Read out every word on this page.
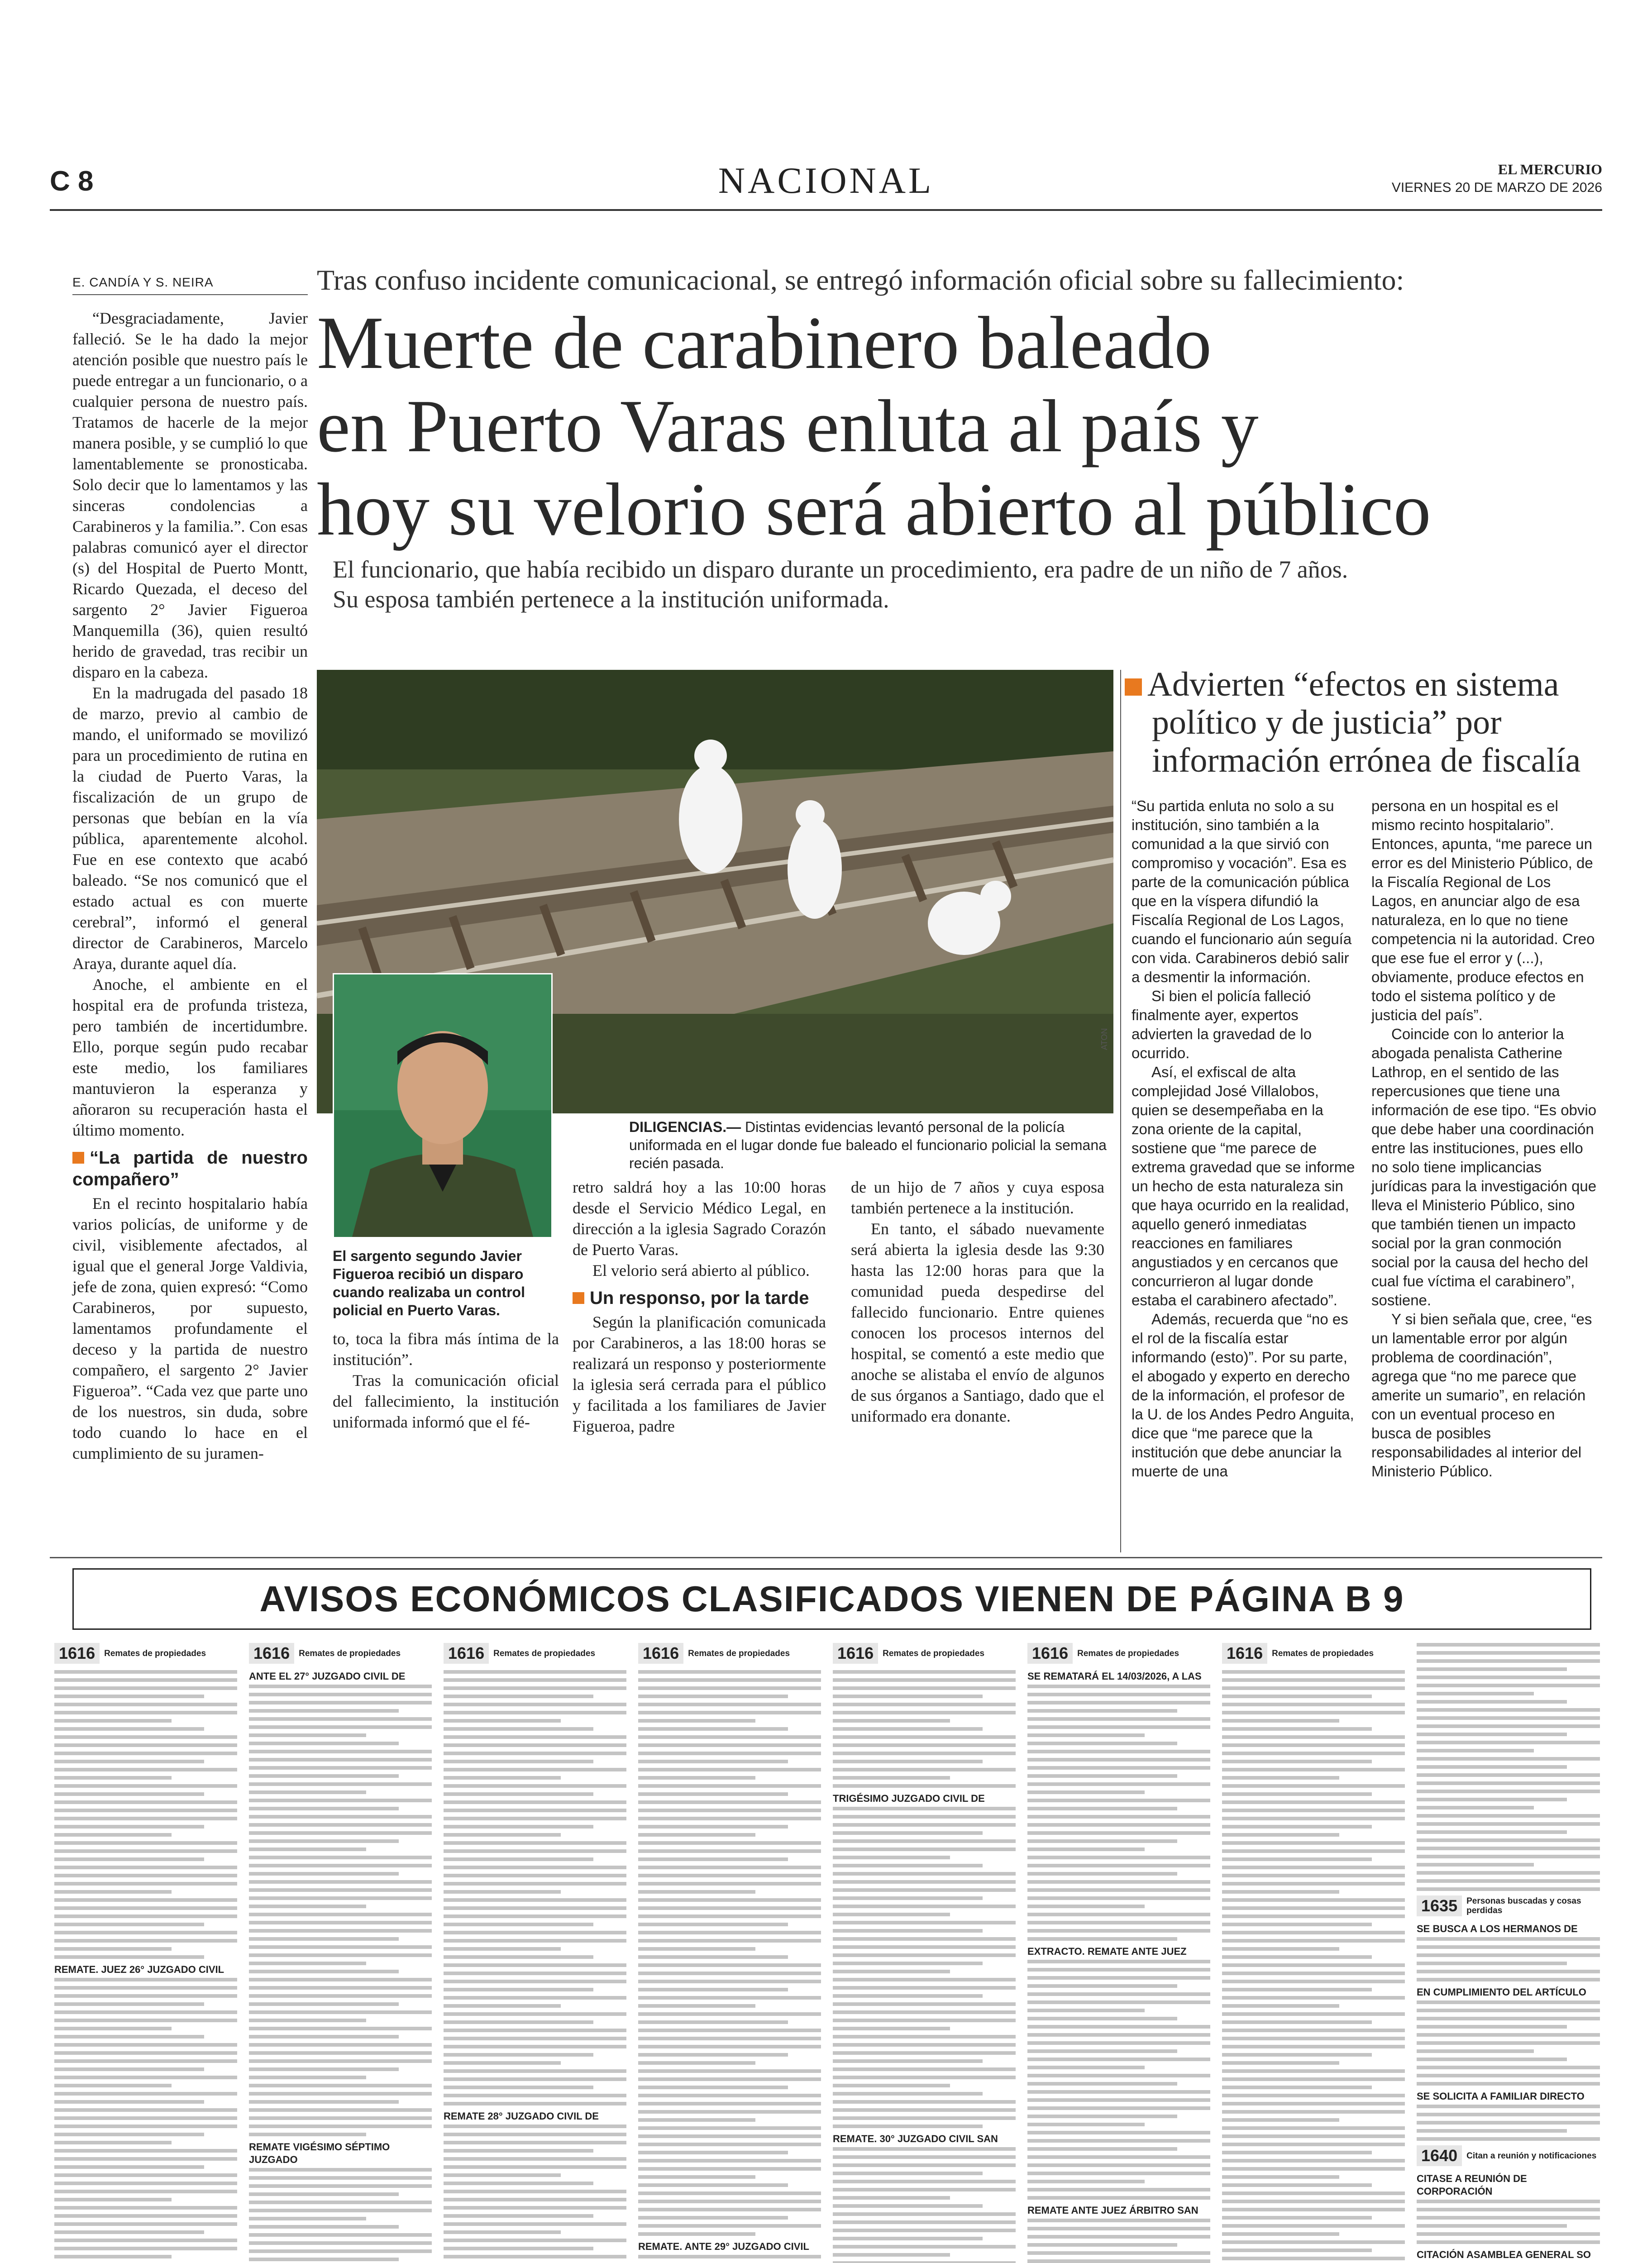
C 8	NACIONAL	EL MERCURIO
VIERNES 20 DE MARZO DE 2026
E. CANDÍA Y S. NEIRA	Tras confuso incidente comunicacional, se entregó información oficial sobre su fallecimiento:
Muerte de carabinero baleado
en Puerto Varas enluta al país y
hoy su velorio será abierto al público
El funcionario, que había recibido un disparo durante un procedimiento, era padre de un niño de 7 años.
Su esposa también pertenece a la institución uniformada.

“Desgraciadamente, Javier falleció. Se le ha dado la mejor atención posible que nuestro país le puede entregar a un funcionario, o a cualquier persona de nuestro país. Tratamos de hacerle de la mejor manera posible, y se cumplió lo que lamentablemente se pronosticaba. Solo decir que lo lamentamos y las sinceras condolencias a Carabineros y la familia.”. Con esas palabras comunicó ayer el director (s) del Hospital de Puerto Montt, Ricardo Quezada, el deceso del sargento 2° Javier Figueroa Manquemilla (36), quien resultó herido de gravedad, tras recibir un disparo en la cabeza.

En la madrugada del pasado 18 de marzo, previo al cambio de mando, el uniformado se movilizó para un procedimiento de rutina en la ciudad de Puerto Varas, la fiscalización de un grupo de personas que bebían en la vía pública, aparentemente alcohol. Fue en ese contexto que acabó baleado. “Se nos comunicó que el estado actual es con muerte cerebral”, informó el general director de Carabineros, Marcelo Araya, durante aquel día.

Anoche, el ambiente en el hospital era de profunda tristeza, pero también de incertidumbre. Ello, porque según pudo recabar este medio, los familiares mantuvieron la esperanza y añoraron su recuperación hasta el último momento.

“La partida de nuestro compañero”

En el recinto hospitalario había varios policías, de uniforme y de civil, visiblemente afectados, al igual que el general Jorge Valdivia, jefe de zona, quien expresó: “Como Carabineros, por supuesto, lamentamos profundamente el deceso y la partida de nuestro compañero, el sargento 2° Javier Figueroa”. “Cada vez que parte uno de los nuestros, sin duda, sobre todo cuando lo hace en el cumplimiento de su juramen-

ATON
DILIGENCIAS.— Distintas evidencias levantó personal de la policía uniformada en el lugar donde fue baleado el funcionario policial la semana recién pasada.
El sargento segundo Javier Figueroa recibió un disparo cuando realizaba un control policial en Puerto Varas.

to, toca la fibra más íntima de la institución”.

Tras la comunicación oficial del fallecimiento, la institución uniformada informó que el fé-

retro saldrá hoy a las 10:00 horas desde el Servicio Médico Legal, en dirección a la iglesia Sagrado Corazón de Puerto Varas.

El velorio será abierto al público.

Un responso, por la tarde

Según la planificación comunicada por Carabineros, a las 18:00 horas se realizará un responso y posteriormente la iglesia será cerrada para el público y facilitada a los familiares de Javier Figueroa, padre

de un hijo de 7 años y cuya esposa también pertenece a la institución.

En tanto, el sábado nuevamente será abierta la iglesia desde las 9:30 hasta las 12:00 horas para que la comunidad pueda despedirse del fallecido funcionario. Entre quienes conocen los procesos internos del hospital, se comentó a este medio que anoche se alistaba el envío de algunos de sus órganos a Santiago, dado que el uniformado era donante.

Advierten “efectos en sistema político y de justicia” por información errónea de fiscalía

“Su partida enluta no solo a su institución, sino también a la comunidad a la que sirvió con compromiso y vocación”. Esa es parte de la comunicación pública que en la víspera difundió la Fiscalía Regional de Los Lagos, cuando el funcionario aún seguía con vida. Carabineros debió salir a desmentir la información.

Si bien el policía falleció finalmente ayer, expertos advierten la gravedad de lo ocurrido.

Así, el exfiscal de alta complejidad José Villalobos, quien se desempeñaba en la zona oriente de la capital, sostiene que “me parece de extrema gravedad que se informe un hecho de esta naturaleza sin que haya ocurrido en la realidad, aquello generó inmediatas reacciones en familiares angustiados y en cercanos que concurrieron al lugar donde estaba el carabinero afectado”.

Además, recuerda que “no es el rol de la fiscalía estar informando (esto)”. Por su parte, el abogado y experto en derecho de la información, el profesor de la U. de los Andes Pedro Anguita, dice que “me parece que la institución que debe anunciar la muerte de una

persona en un hospital es el mismo recinto hospitalario”. Entonces, apunta, “me parece un error es del Ministerio Público, de la Fiscalía Regional de Los Lagos, en anunciar algo de esa naturaleza, en lo que no tiene competencia ni la autoridad. Creo que ese fue el error y (...), obviamente, produce efectos en todo el sistema político y de justicia del país”.

Coincide con lo anterior la abogada penalista Catherine Lathrop, en el sentido de las repercusiones que tiene una información de ese tipo. “Es obvio que debe haber una coordinación entre las instituciones, pues ello no solo tiene implicancias jurídicas para la investigación que lleva el Ministerio Público, sino que también tienen un impacto social por la gran conmoción social por la causa del hecho del cual fue víctima el carabinero”, sostiene.

Y si bien señala que, cree, “es un lamentable error por algún problema de coordinación”, agrega que “no me parece que amerite un sumario”, en relación con un eventual proceso en busca de posibles responsabilidades al interior del Ministerio Público.

AVISOS ECONÓMICOS CLASIFICADOS VIENEN DE PÁGINA B 9
1616	Remates de propiedades
REMATE. JUEZ 26° JUZGADO CIVIL
1616	Remates de propiedades
ANTE EL 27° JUZGADO CIVIL DE
REMATE VIGÉSIMO SÉPTIMO JUZGADO
1616	Remates de propiedades
REMATE 28° JUZGADO CIVIL DE
1616	Remates de propiedades
REMATE. ANTE 29° JUZGADO CIVIL
1616	Remates de propiedades
TRIGÉSIMO JUZGADO CIVIL DE
REMATE. 30° JUZGADO CIVIL SAN
1616	Remates de propiedades
SE REMATARÁ EL 14/03/2026, A LAS
EXTRACTO. REMATE ANTE JUEZ
REMATE ANTE JUEZ ÁRBITRO SAN
1616	Remates de propiedades
1635	Personas buscadas y cosas perdidas
SE BUSCA A LOS HERMANOS DE
EN CUMPLIMIENTO DEL ARTÍCULO
SE SOLICITA A FAMILIAR DIRECTO
1640	Citan a reunión y notificaciones
CITASE A REUNIÓN DE CORPORACIÓN
CITACIÓN ASAMBLEA GENERAL SO
